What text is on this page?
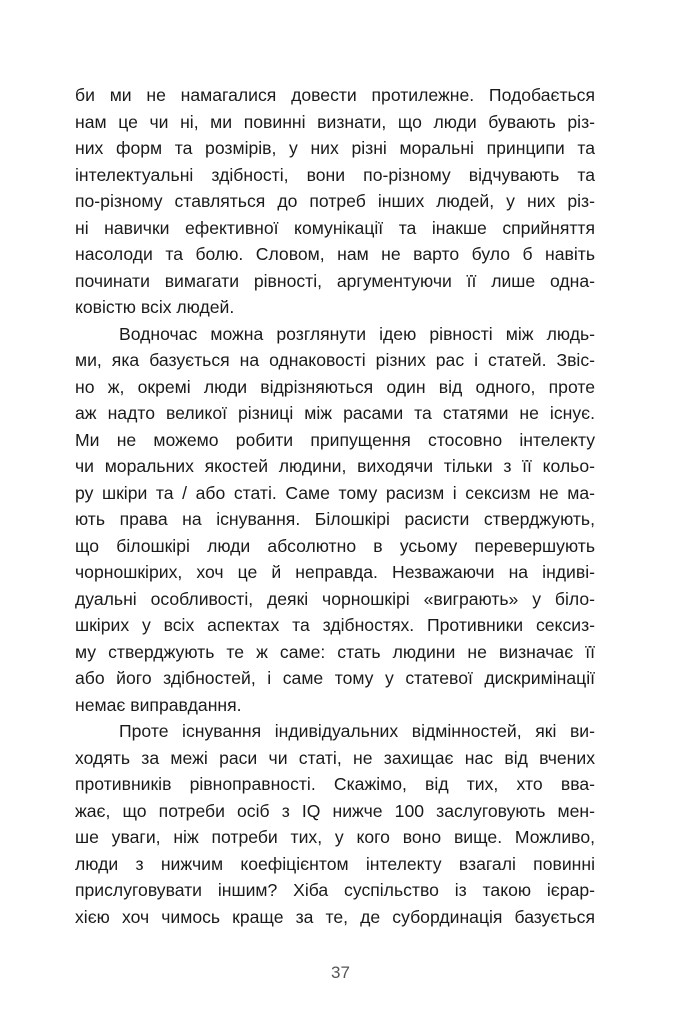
би ми не намагалися довести протилежне. Подобається
нам це чи ні, ми повинні визнати, що люди бувають різ-
них форм та розмірів, у них різні моральні принципи та
інтелектуальні здібності, вони по-різному відчувають та
по-різному ставляться до потреб інших людей, у них різ-
ні навички ефективної комунікації та інакше сприйняття
насолоди та болю. Словом, нам не варто було б навіть
починати вимагати рівності, аргументуючи її лише одна-
ковістю всіх людей.
Водночас можна розглянути ідею рівності між людь-
ми, яка базується на однаковості різних рас і статей. Звіс-
но ж, окремі люди відрізняються один від одного, проте
аж надто великої різниці між расами та статями не існує.
Ми не можемо робити припущення стосовно інтелекту
чи моральних якостей людини, виходячи тільки з її кольо-
ру шкіри та / або статі. Саме тому расизм і сексизм не ма-
ють права на існування. Білошкірі расисти стверджують,
що білошкірі люди абсолютно в усьому перевершують
чорношкірих, хоч це й неправда. Незважаючи на індиві-
дуальні особливості, деякі чорношкірі «виграють» у біло-
шкірих у всіх аспектах та здібностях. Противники сексиз-
му стверджують те ж саме: стать людини не визначає її
або його здібностей, і саме тому у статевої дискримінації
немає виправдання.
Проте існування індивідуальних відмінностей, які ви-
ходять за межі раси чи статі, не захищає нас від вчених
противників рівноправності. Скажімо, від тих, хто вва-
жає, що потреби осіб з IQ нижче 100 заслуговують мен-
ше уваги, ніж потреби тих, у кого воно вище. Можливо,
люди з нижчим коефіцієнтом інтелекту взагалі повинні
прислуговувати іншим? Хіба суспільство із такою ієрар-
хією хоч чимось краще за те, де субординація базується
37
